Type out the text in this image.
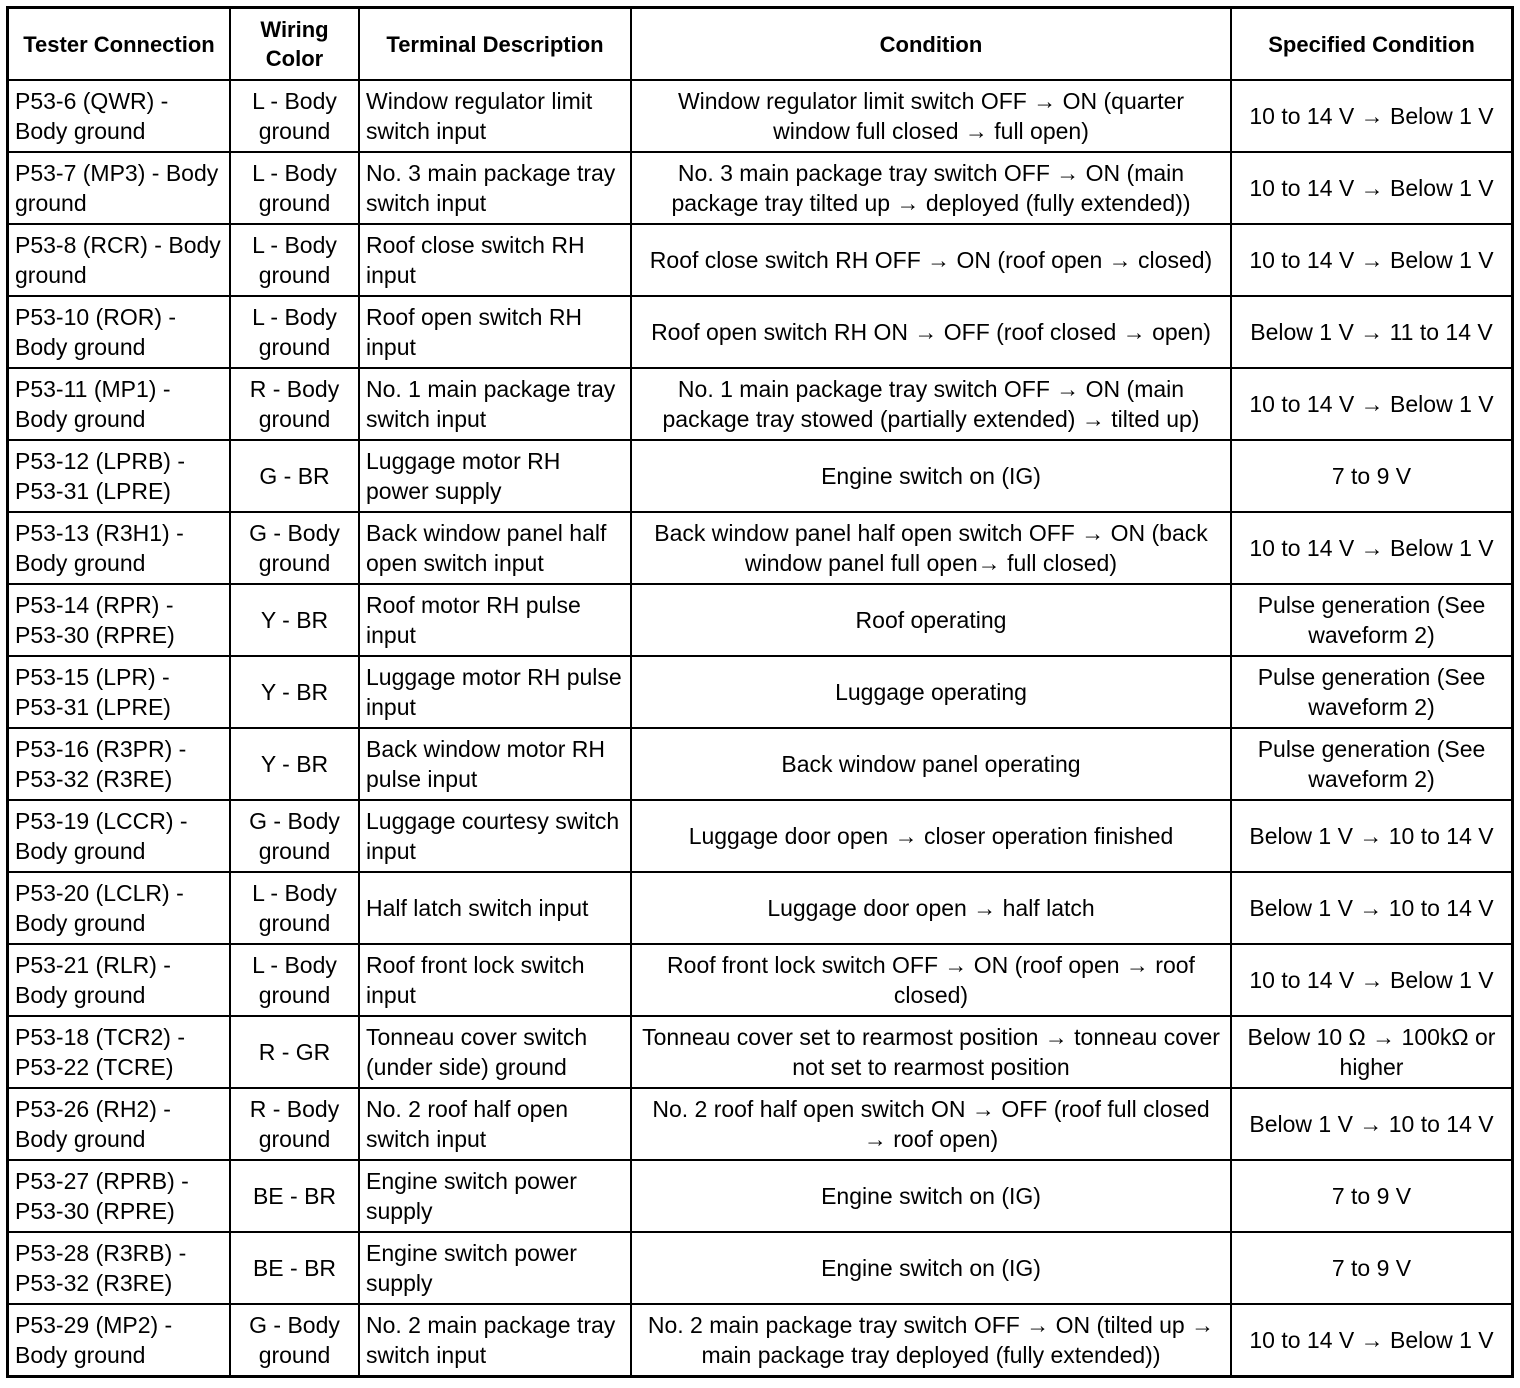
Tester Connection	Wiring Color	Terminal Description	Condition	Specified Condition
P53-6 (QWR) - Body ground	L - Body ground	Window regulator limit switch input	Window regulator limit switch OFF → ON (quarter window full closed → full open)	10 to 14 V → Below 1 V
P53-7 (MP3) - Body ground	L - Body ground	No. 3 main package tray switch input	No. 3 main package tray switch OFF → ON (main package tray tilted up → deployed (fully extended))	10 to 14 V → Below 1 V
P53-8 (RCR) - Body ground	L - Body ground	Roof close switch RH input	Roof close switch RH OFF → ON (roof open → closed)	10 to 14 V → Below 1 V
P53-10 (ROR) - Body ground	L - Body ground	Roof open switch RH input	Roof open switch RH ON → OFF (roof closed → open)	Below 1 V → 11 to 14 V
P53-11 (MP1) - Body ground	R - Body ground	No. 1 main package tray switch input	No. 1 main package tray switch OFF → ON (main package tray stowed (partially extended) → tilted up)	10 to 14 V → Below 1 V
P53-12 (LPRB) - P53-31 (LPRE)	G - BR	Luggage motor RH power supply	Engine switch on (IG)	7 to 9 V
P53-13 (R3H1) - Body ground	G - Body ground	Back window panel half open switch input	Back window panel half open switch OFF → ON (back window panel full open→ full closed)	10 to 14 V → Below 1 V
P53-14 (RPR) - P53-30 (RPRE)	Y - BR	Roof motor RH pulse input	Roof operating	Pulse generation (See waveform 2)
P53-15 (LPR) - P53-31 (LPRE)	Y - BR	Luggage motor RH pulse input	Luggage operating	Pulse generation (See waveform 2)
P53-16 (R3PR) - P53-32 (R3RE)	Y - BR	Back window motor RH pulse input	Back window panel operating	Pulse generation (See waveform 2)
P53-19 (LCCR) - Body ground	G - Body ground	Luggage courtesy switch input	Luggage door open → closer operation finished	Below 1 V → 10 to 14 V
P53-20 (LCLR) - Body ground	L - Body ground	Half latch switch input	Luggage door open → half latch	Below 1 V → 10 to 14 V
P53-21 (RLR) - Body ground	L - Body ground	Roof front lock switch input	Roof front lock switch OFF → ON (roof open → roof closed)	10 to 14 V → Below 1 V
P53-18 (TCR2) - P53-22 (TCRE)	R - GR	Tonneau cover switch (under side) ground	Tonneau cover set to rearmost position → tonneau cover not set to rearmost position	Below 10 Ω → 100kΩ or higher
P53-26 (RH2) - Body ground	R - Body ground	No. 2 roof half open switch input	No. 2 roof half open switch ON → OFF (roof full closed → roof open)	Below 1 V → 10 to 14 V
P53-27 (RPRB) - P53-30 (RPRE)	BE - BR	Engine switch power supply	Engine switch on (IG)	7 to 9 V
P53-28 (R3RB) - P53-32 (R3RE)	BE - BR	Engine switch power supply	Engine switch on (IG)	7 to 9 V
P53-29 (MP2) - Body ground	G - Body ground	No. 2 main package tray switch input	No. 2 main package tray switch OFF → ON (tilted up → main package tray deployed (fully extended))	10 to 14 V → Below 1 V
